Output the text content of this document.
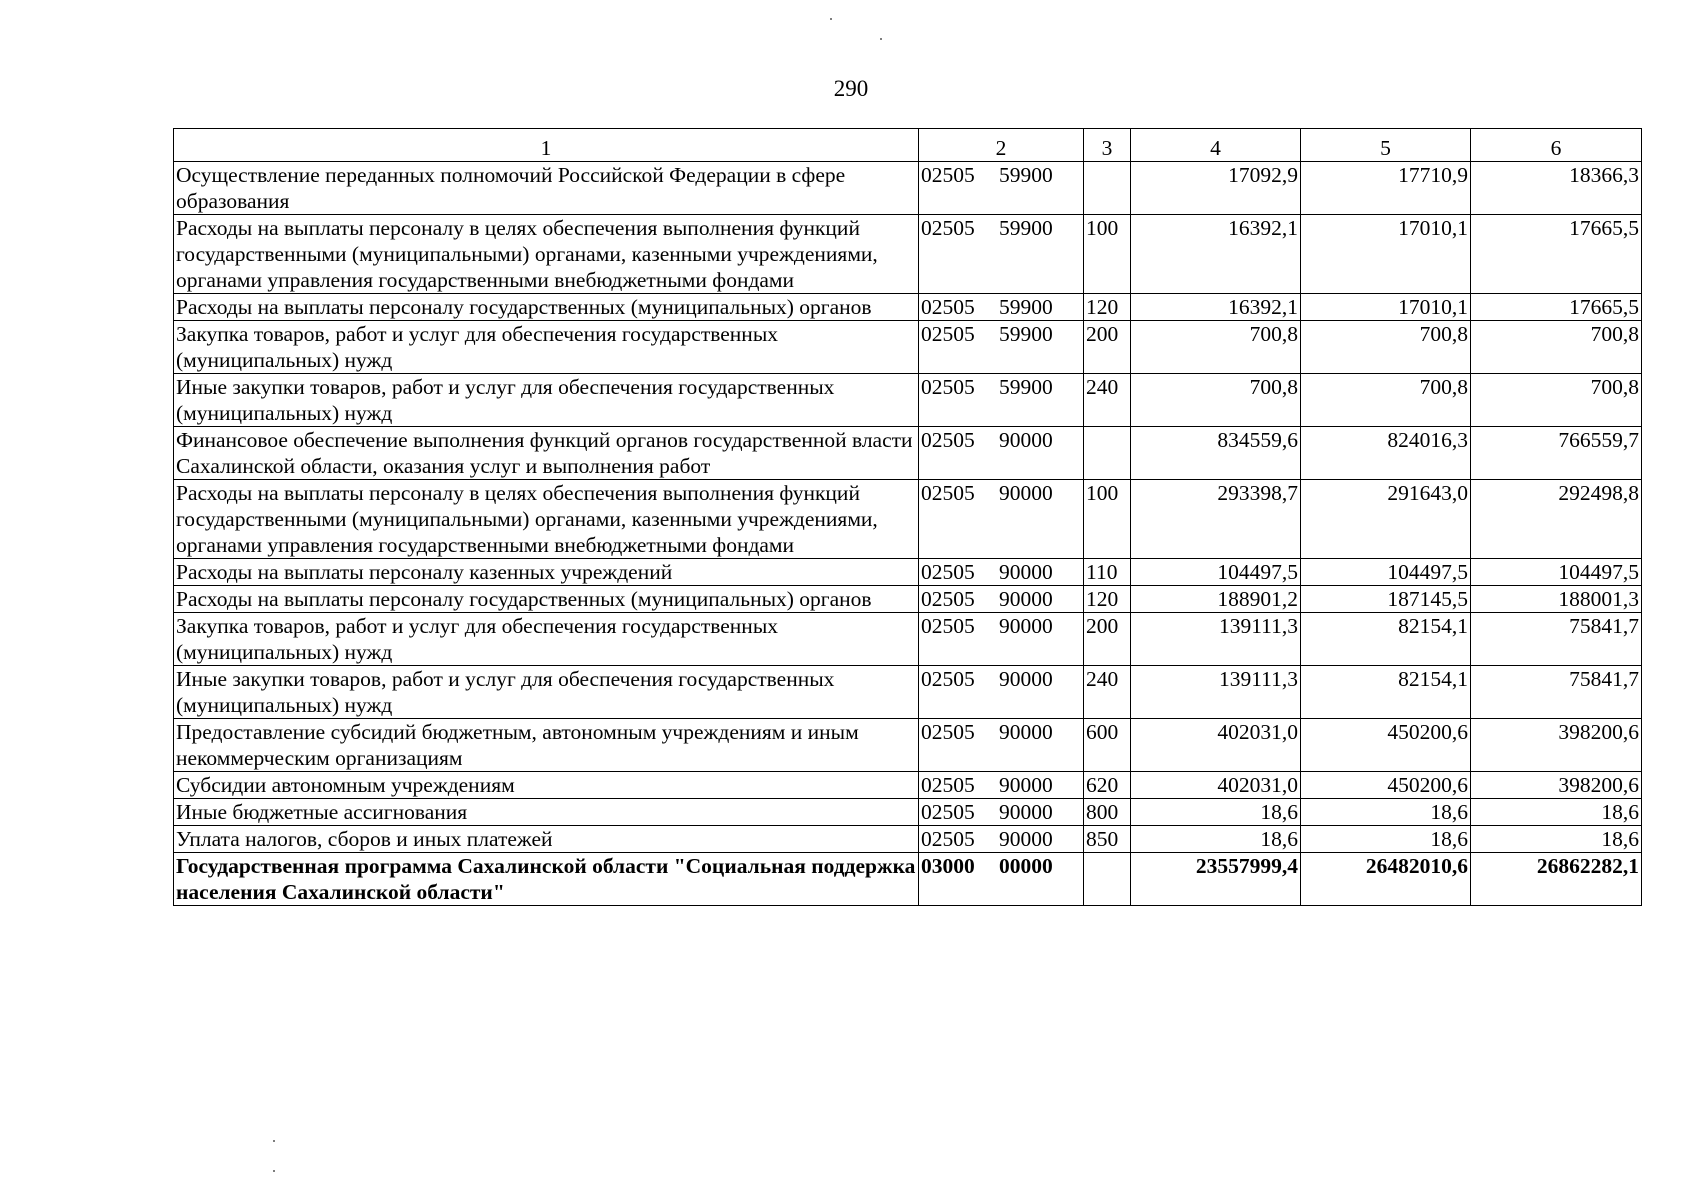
290
1	2	3	4	5	6
Осуществление переданных полномочий Российской Федерации в сфере образования	02505 59900		17092,9	17710,9	18366,3
Расходы на выплаты персоналу в целях обеспечения выполнения функций государственными (муниципальными) органами, казенными учреждениями, органами управления государственными внебюджетными фондами	02505 59900	100	16392,1	17010,1	17665,5
Расходы на выплаты персоналу государственных (муниципальных) органов	02505 59900	120	16392,1	17010,1	17665,5
Закупка товаров, работ и услуг для обеспечения государственных (муниципальных) нужд	02505 59900	200	700,8	700,8	700,8
Иные закупки товаров, работ и услуг для обеспечения государственных (муниципальных) нужд	02505 59900	240	700,8	700,8	700,8
Финансовое обеспечение выполнения функций органов государственной власти Сахалинской области, оказания услуг и выполнения работ	02505 90000		834559,6	824016,3	766559,7
Расходы на выплаты персоналу в целях обеспечения выполнения функций государственными (муниципальными) органами, казенными учреждениями, органами управления государственными внебюджетными фондами	02505 90000	100	293398,7	291643,0	292498,8
Расходы на выплаты персоналу казенных учреждений	02505 90000	110	104497,5	104497,5	104497,5
Расходы на выплаты персоналу государственных (муниципальных) органов	02505 90000	120	188901,2	187145,5	188001,3
Закупка товаров, работ и услуг для обеспечения государственных (муниципальных) нужд	02505 90000	200	139111,3	82154,1	75841,7
Иные закупки товаров, работ и услуг для обеспечения государственных (муниципальных) нужд	02505 90000	240	139111,3	82154,1	75841,7
Предоставление субсидий бюджетным, автономным учреждениям и иным некоммерческим организациям	02505 90000	600	402031,0	450200,6	398200,6
Субсидии автономным учреждениям	02505 90000	620	402031,0	450200,6	398200,6
Иные бюджетные ассигнования	02505 90000	800	18,6	18,6	18,6
Уплата налогов, сборов и иных платежей	02505 90000	850	18,6	18,6	18,6
Государственная программа Сахалинской области "Социальная поддержка населения Сахалинской области"	03000 00000		23557999,4	26482010,6	26862282,1
